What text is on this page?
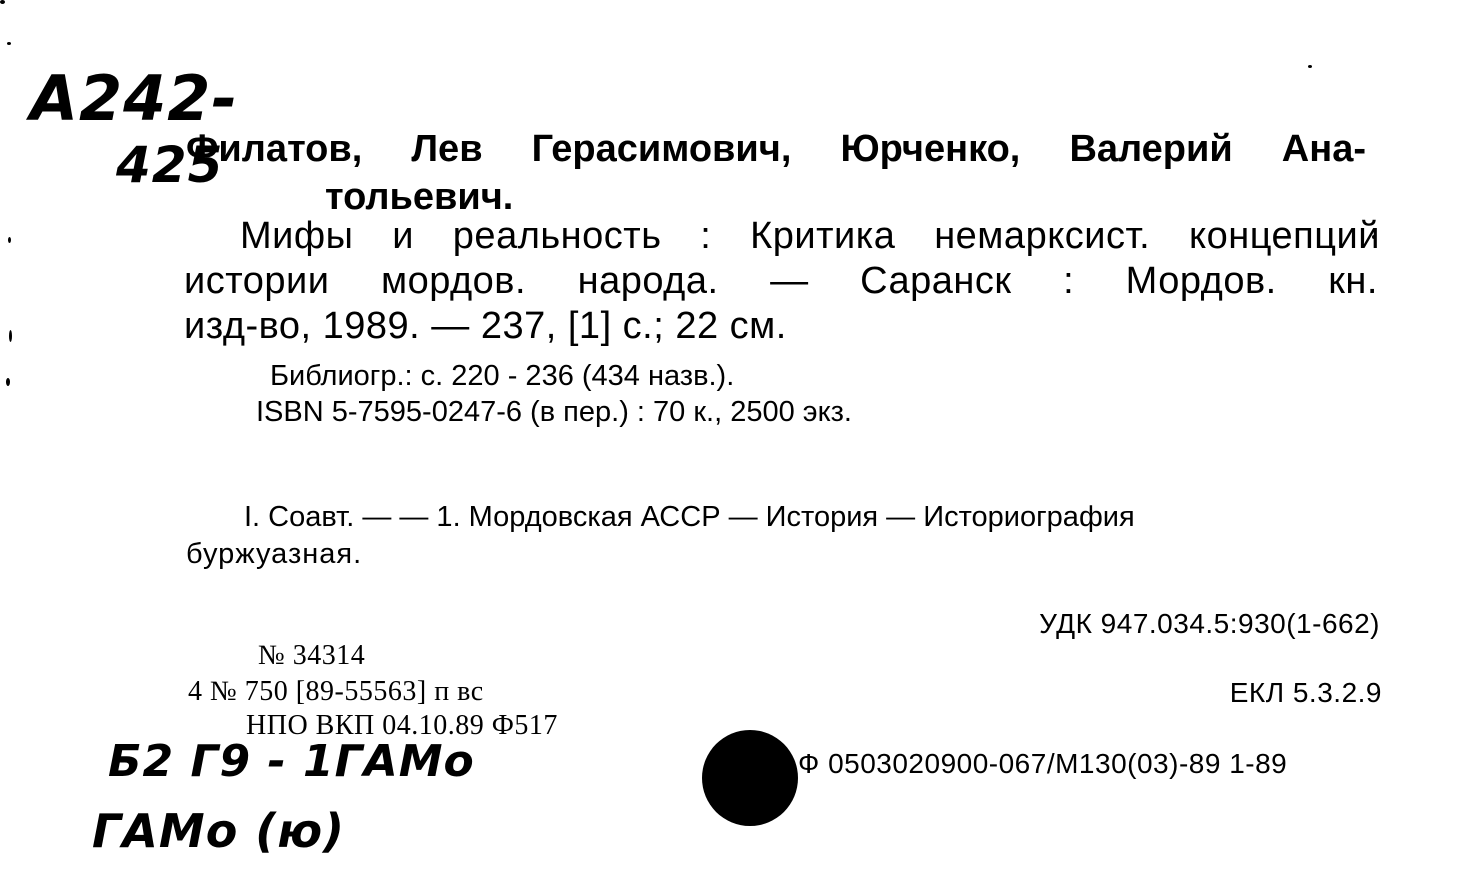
А242-
425
Филатов, Лев Герасимович, Юрченко, Валерий Ана-
тольевич.
Мифы и реальность : Критика немарксист. концепций
истории мордов. народа. — Саранск : Мордов. кн.
изд-во, 1989. — 237, [1] с.; 22 см.
Библиогр.: с. 220 - 236 (434 назв.).
ISBN 5-7595-0247-6 (в пер.) : 70 к., 2500 экз.
I. Соавт. — — 1. Мордовская АССР — История — Историография
буржуазная.
УДК 947.034.5:930(1-662)
ЕКЛ 5.3.2.9
Ф 0503020900-067/М130(03)-89 1-89
№ 34314
4 № 750 [89-55563] п вс
НПО ВКП 04.10.89 Ф517
Б2 Г9 - 1ГАМо
ГАМо (ю)
